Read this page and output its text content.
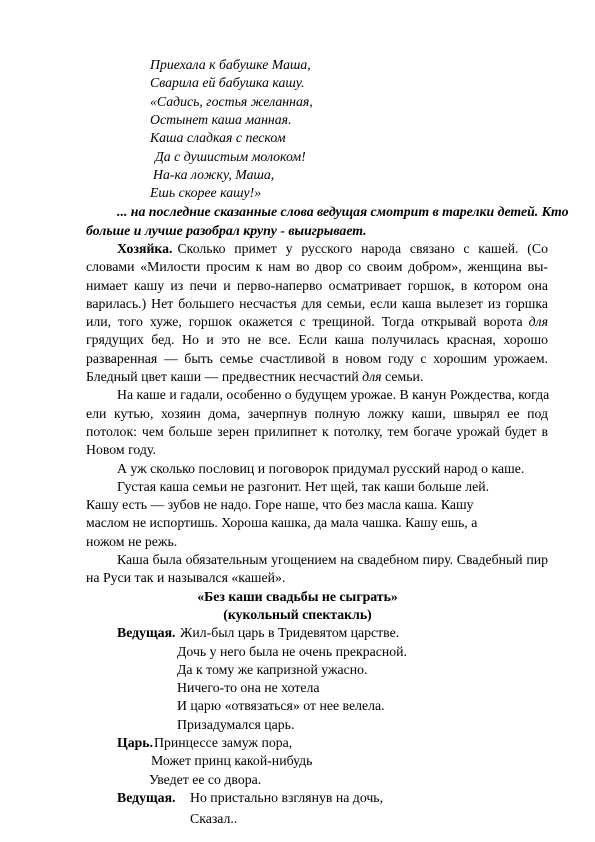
Приехала к бабушке Маша,
Сварила ей бабушка кашу.
«Садись, гостья желанная,
Остынет каша манная.
Каша сладкая с песком
Да с душистым молоком!
На-ка ложку, Маша,
Ешь скорее кашу!»
... на последние сказанные слова ведущая смотрит в тарелки детей. Кто
больше и лучше разобрал крупу - выигрывает.
Хозяйка. Сколько примет у русского народа связано с кашей. (Со
словами «Милости просим к нам во двор со своим добром», женщина вы-
нимает кашу из печи и перво-наперво осматривает горшок, в котором она
варилась.) Нет большего несчастья для семьи, если каша вылезет из горшка
или, того хуже, горшок окажется с трещиной. Тогда открывай ворота для
грядущих бед. Но и это не все. Если каша получилась красная, хорошо
разваренная — быть семье счастливой в новом году с хорошим урожаем.
Бледный цвет каши — предвестник несчастий для семьи.
На каше и гадали, особенно о будущем урожае. В канун Рождества, когда
ели кутью, хозяин дома, зачерпнув полную ложку каши, швырял ее под
потолок: чем больше зерен прилипнет к потолку, тем богаче урожай будет в
Новом году.
А уж сколько пословиц и поговорок придумал русский народ о каше.
Густая каша семьи не разгонит. Нет щей, так каши больше лей.
Кашу есть — зубов не надо. Горе наше, что без масла каша. Кашу
маслом не испортишь. Хороша кашка, да мала чашка. Кашу ешь, а
ножом не режь.
Каша была обязательным угощением на свадебном пиру. Свадебный пир
на Руси так и назывался «кашей».
«Без каши свадьбы не сыграть»
(кукольный спектакль)
Ведущая. Жил-был царь в Тридевятом царстве.
Дочь у него была не очень прекрасной.
Да к тому же капризной ужасно.
Ничего-то она не хотела
И царю «отвязаться» от нее велела.
Призадумался царь.
Царь. Принцессе замуж пора,
Может принц какой-нибудь
Уведет ее со двора.
Ведущая. Но пристально взглянув на дочь,
Сказал..
